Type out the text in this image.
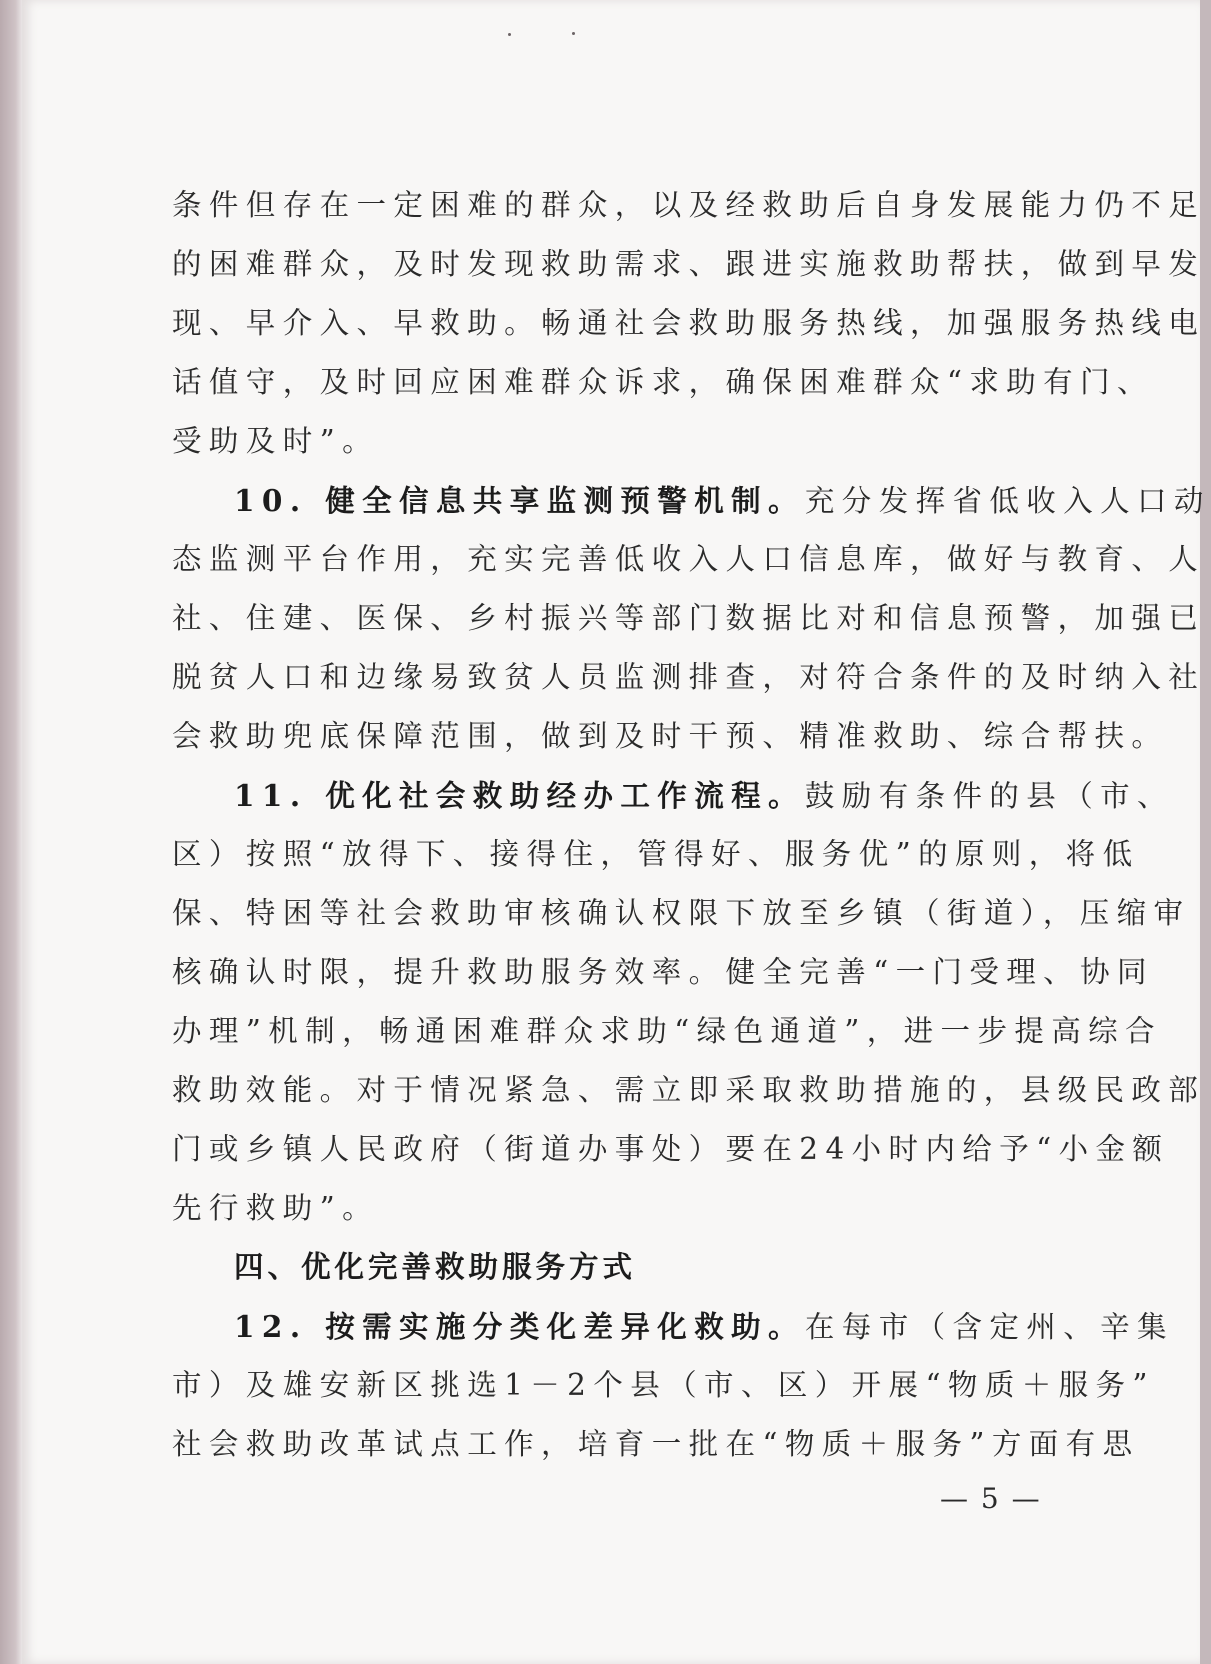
条件但存在一定困难的群众，以及经救助后自身发展能力仍不足
的困难群众，及时发现救助需求、跟进实施救助帮扶，做到早发
现、早介入、早救助。畅通社会救助服务热线，加强服务热线电
话值守，及时回应困难群众诉求，确保困难群众“求助有门、
受助及时”。
10. 健全信息共享监测预警机制。充分发挥省低收入人口动
态监测平台作用，充实完善低收入人口信息库，做好与教育、人
社、住建、医保、乡村振兴等部门数据比对和信息预警，加强已
脱贫人口和边缘易致贫人员监测排查，对符合条件的及时纳入社
会救助兜底保障范围，做到及时干预、精准救助、综合帮扶。
11. 优化社会救助经办工作流程。鼓励有条件的县（市、
区）按照“放得下、接得住，管得好、服务优”的原则，将低
保、特困等社会救助审核确认权限下放至乡镇（街道），压缩审
核确认时限，提升救助服务效率。健全完善“一门受理、协同
办理”机制，畅通困难群众求助“绿色通道”，进一步提高综合
救助效能。对于情况紧急、需立即采取救助措施的，县级民政部
门或乡镇人民政府（街道办事处）要在24小时内给予“小金额
先行救助”。
四、优化完善救助服务方式
12. 按需实施分类化差异化救助。在每市（含定州、辛集
市）及雄安新区挑选1－2个县（市、区）开展“物质＋服务”
社会救助改革试点工作，培育一批在“物质＋服务”方面有思
— 5 —
